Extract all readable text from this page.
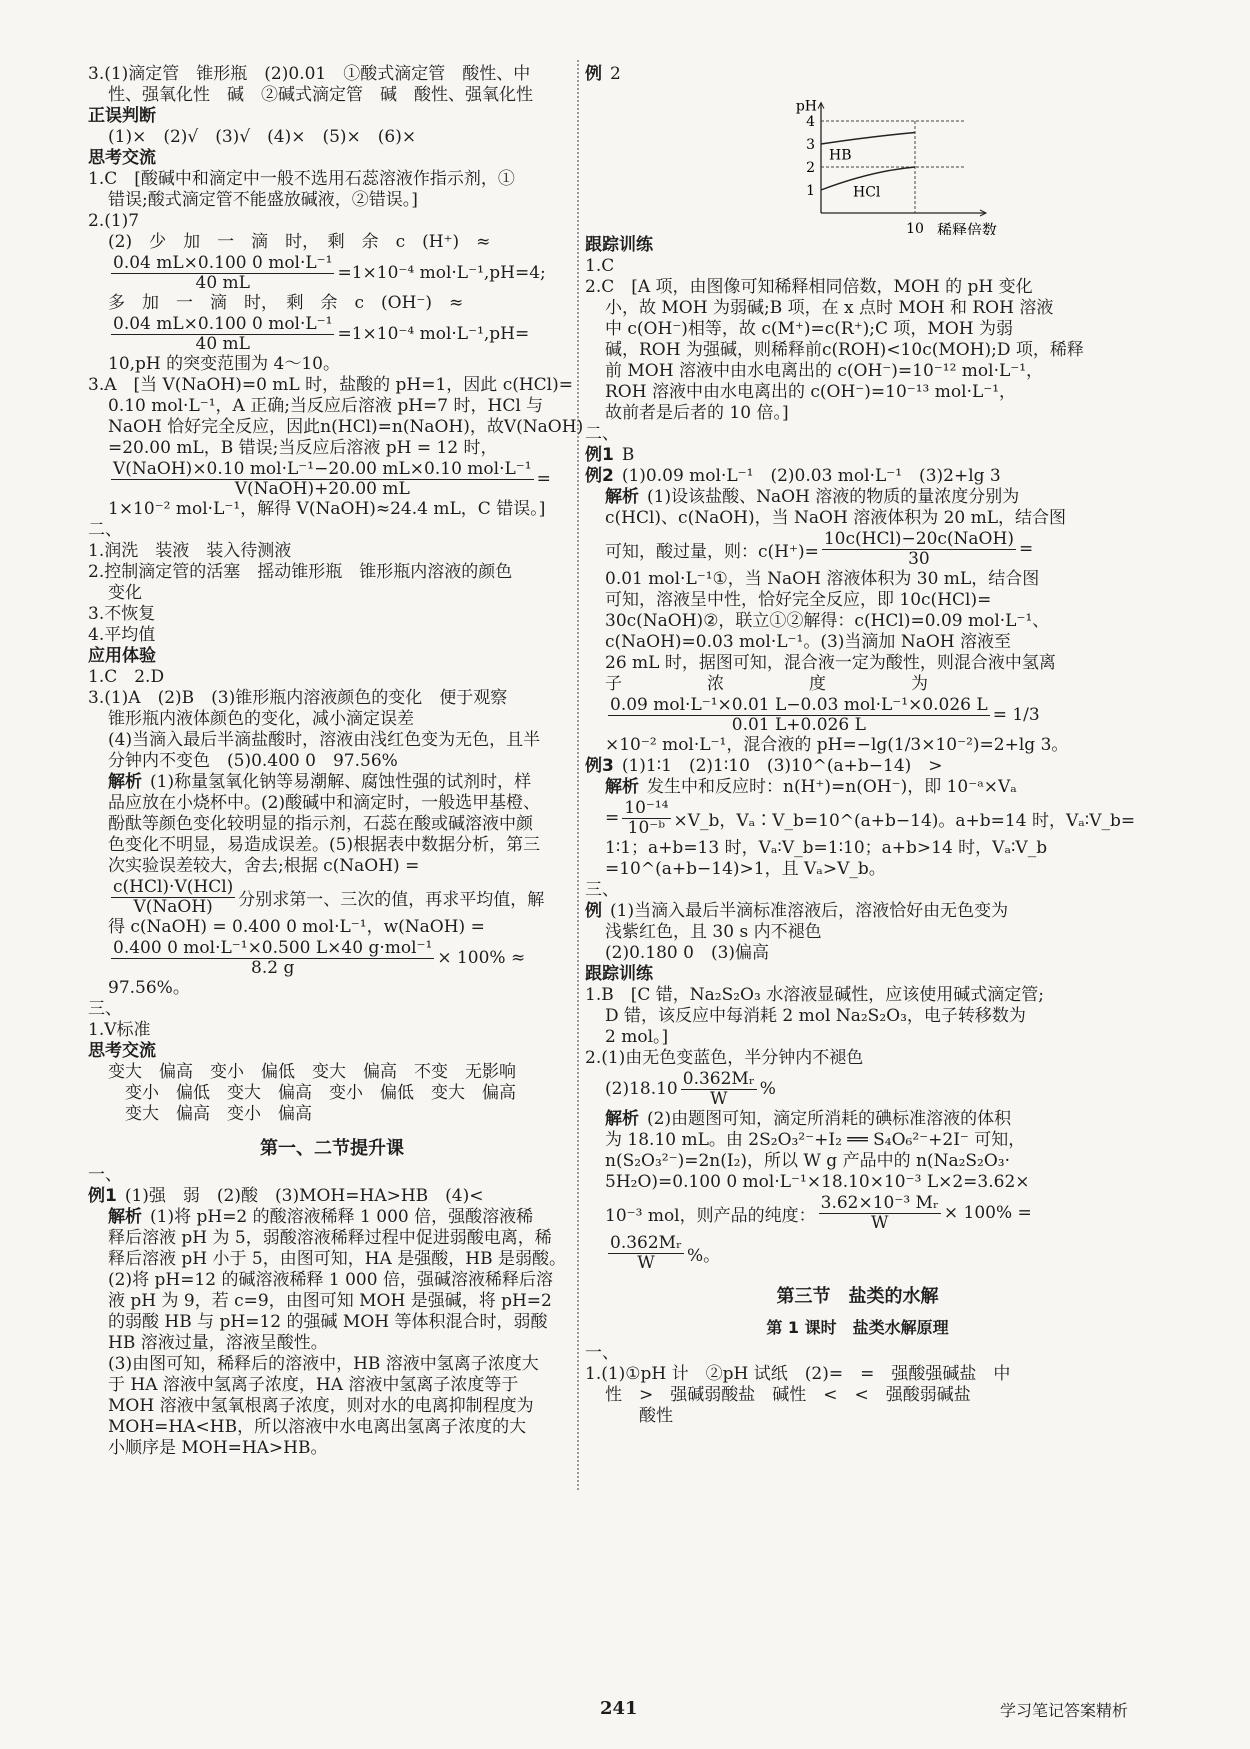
3.(1)滴定管　锥形瓶　(2)0.01　①酸式滴定管　酸性、中
性、强氧化性　碱　②碱式滴定管　碱　酸性、强氧化性
正误判断
(1)×　(2)√　(3)√　(4)×　(5)×　(6)×
思考交流
1.C　[酸碱中和滴定中一般不选用石蕊溶液作指示剂，①
错误;酸式滴定管不能盛放碱液，②错误。]
2.(1)7
(2)　少　加　一　滴　时，　剩　余　c　(H⁺)　≈
$\frac{\text{0.04 mL×0.100 0 mol·L⁻¹}}{40 mL} =1\times 10^{-4}$ mol·L⁻¹,pH=4;
多　加　一　滴　时，　剩　余　c　(OH⁻)　≈
$\frac{\text{0.04 mL×0.100 0 mol·L⁻¹}}{40 mL} =1\times 10^{-4}$ mol·L⁻¹,pH=
10,pH 的突变范围为 4～10。
3.A　[当 V(NaOH)=0 mL 时，盐酸的 pH=1，因此 c(HCl)=
0.10 mol·L⁻¹，A 正确;当反应后溶液 pH=7 时，HCl 与
NaOH 恰好完全反应，因此n(HCl)=n(NaOH)，故V(NaOH)
=20.00 mL，B 错误;当反应后溶液 pH = 12 时，
$\frac{\text{V(NaOH)×0.10 mol·L⁻¹−20.00 mL×0.10 mol·L⁻¹}}{\text{V(NaOH)+20.00 mL}}$ =
1×10⁻² mol·L⁻¹，解得 V(NaOH)≈24.4 mL，C 错误。]
二、
1.润洗　装液　装入待测液
2.控制滴定管的活塞　摇动锥形瓶　锥形瓶内溶液的颜色
变化
3.不恢复
4.平均值
应用体验
1.C　2.D
3.(1)A　(2)B　(3)锥形瓶内溶液颜色的变化　便于观察
锥形瓶内液体颜色的变化，减小滴定误差
(4)当滴入最后半滴盐酸时，溶液由浅红色变为无色，且半
分钟内不变色　(5)0.400 0　97.56%
解析 (1)称量氢氧化钠等易潮解、腐蚀性强的试剂时，样
品应放在小烧杯中。(2)酸碱中和滴定时，一般选甲基橙、
酚酞等颜色变化较明显的指示剂，石蕊在酸或碱溶液中颜
色变化不明显，易造成误差。(5)根据表中数据分析，第三
次实验误差较大，舍去;根据 c(NaOH) =
$\frac{\text{c(HCl)·V(HCl)}}{\text{V(NaOH)}}$ 分别求第一、三次的值，再求平均值，解
得 c(NaOH) = 0.400 0 mol·L⁻¹，w(NaOH) =
$\frac{\text{0.400 0 mol·L⁻¹×0.500 L×40 g·mol⁻¹}}{8.2 g} \times 100\%$ ≈
97.56%。
三、
1.V标准
思考交流
变大　偏高　变小　偏低　变大　偏高　不变　无影响
　变小　偏低　变大　偏高　变小　偏低　变大　偏高
　变大　偏高　变小　偏高
第一、二节提升课
一、
例1 (1)强　弱　(2)酸　(3)MOH=HA>HB　(4)<
解析 (1)将 pH=2 的酸溶液稀释 1 000 倍，强酸溶液稀
释后溶液 pH 为 5，弱酸溶液稀释过程中促进弱酸电离，稀
释后溶液 pH 小于 5，由图可知，HA 是强酸，HB 是弱酸。
(2)将 pH=12 的碱溶液稀释 1 000 倍，强碱溶液稀释后溶
液 pH 为 9，若 c=9，由图可知 MOH 是强碱，将 pH=2
的弱酸 HB 与 pH=12 的强碱 MOH 等体积混合时，弱酸
HB 溶液过量，溶液呈酸性。
(3)由图可知，稀释后的溶液中，HB 溶液中氢离子浓度大
于 HA 溶液中氢离子浓度，HA 溶液中氢离子浓度等于
MOH 溶液中氢氧根离子浓度，则对水的电离抑制程度为
MOH=HA<HB，所以溶液中水电离出氢离子浓度的大
小顺序是 MOH=HA>HB。
例 2
1
2
3
4
pH
10 稀释倍数
HB
HCl
跟踪训练
1.C
2.C　[A 项，由图像可知稀释相同倍数，MOH 的 pH 变化
小，故 MOH 为弱碱;B 项，在 x 点时 MOH 和 ROH 溶液
中 c(OH⁻)相等，故 c(M⁺)=c(R⁺);C 项，MOH 为弱
碱，ROH 为强碱，则稀释前c(ROH)<10c(MOH);D 项，稀释
前 MOH 溶液中由水电离出的 c(OH⁻)=10⁻¹² mol·L⁻¹，
ROH 溶液中由水电离出的 c(OH⁻)=10⁻¹³ mol·L⁻¹，
故前者是后者的 10 倍。]
二、
例1 B
例2 (1)0.09 mol·L⁻¹　(2)0.03 mol·L⁻¹　(3)2+lg 3
解析 (1)设该盐酸、NaOH 溶液的物质的量浓度分别为
c(HCl)、c(NaOH)，当 NaOH 溶液体积为 20 mL，结合图
可知，酸过量，则：$c(H^+)= \frac{\text{10c(HCl)−20c(NaOH)}}{30}$ =
0.01 mol·L⁻¹①，当 NaOH 溶液体积为 30 mL，结合图
可知，溶液呈中性，恰好完全反应，即 10c(HCl)=
30c(NaOH)②，联立①②解得：c(HCl)=0.09 mol·L⁻¹、
c(NaOH)=0.03 mol·L⁻¹。(3)当滴加 NaOH 溶液至
26 mL 时，据图可知，混合液一定为酸性，则混合液中氢离
子　　　　　浓　　　　　度　　　　　为
$\frac{\text{0.09 mol·L⁻¹×0.01 L−0.03 mol·L⁻¹×0.026 L}}{0.01 L+0.026 L} = 1/3$
×10⁻² mol·L⁻¹，混合液的 pH=−lg(1/3×10⁻²)=2+lg 3。
例3 (1)1∶1　(2)1∶10　(3)10^(a+b−14)　>
解析 发生中和反应时：n(H⁺)=n(OH⁻)，即 10⁻ᵃ×Vₐ
= $\frac{\text{10⁻¹⁴}}{\text{10⁻ᵇ}}$ ×V_b，Vₐ∶V_b=10^(a+b−14)。a+b=14 时，Vₐ∶V_b=
1∶1；a+b=13 时，Vₐ∶V_b=1∶10；a+b>14 时，Vₐ∶V_b
=10^(a+b−14)>1，且 Vₐ>V_b。
三、
例 (1)当滴入最后半滴标准溶液后，溶液恰好由无色变为
浅紫红色，且 30 s 内不褪色
(2)0.180 0　(3)偏高
跟踪训练
1.B　[C 错，Na₂S₂O₃ 水溶液显碱性，应该使用碱式滴定管;
D 错，该反应中每消耗 2 mol Na₂S₂O₃，电子转移数为
2 mol。]
2.(1)由无色变蓝色，半分钟内不褪色
$(2)18.10 \frac{\text{0.362Mᵣ}}{W}$ %
解析 (2)由题图可知，滴定所消耗的碘标准溶液的体积
为 18.10 mL。由 2S₂O₃²⁻+I₂ ══ S₄O₆²⁻+2I⁻ 可知，
n(S₂O₃²⁻)=2n(I₂)，所以 W g 产品中的 n(Na₂S₂O₃·
5H₂O)=0.100 0 mol·L⁻¹×18.10×10⁻³ L×2=3.62×
10⁻³ mol，则产品的纯度： $\frac{\text{3.62×10⁻³ Mᵣ}}{W} \times 100\%$ =
$\frac{\text{0.362Mᵣ}}{W}$ %。
第三节　盐类的水解
第 1 课时　盐类水解原理
一、
1.(1)①pH 计　②pH 试纸　(2)=　=　强酸强碱盐　中
性　>　强碱弱酸盐　碱性　<　<　强酸弱碱盐
　　酸性
241	学习笔记答案精析
